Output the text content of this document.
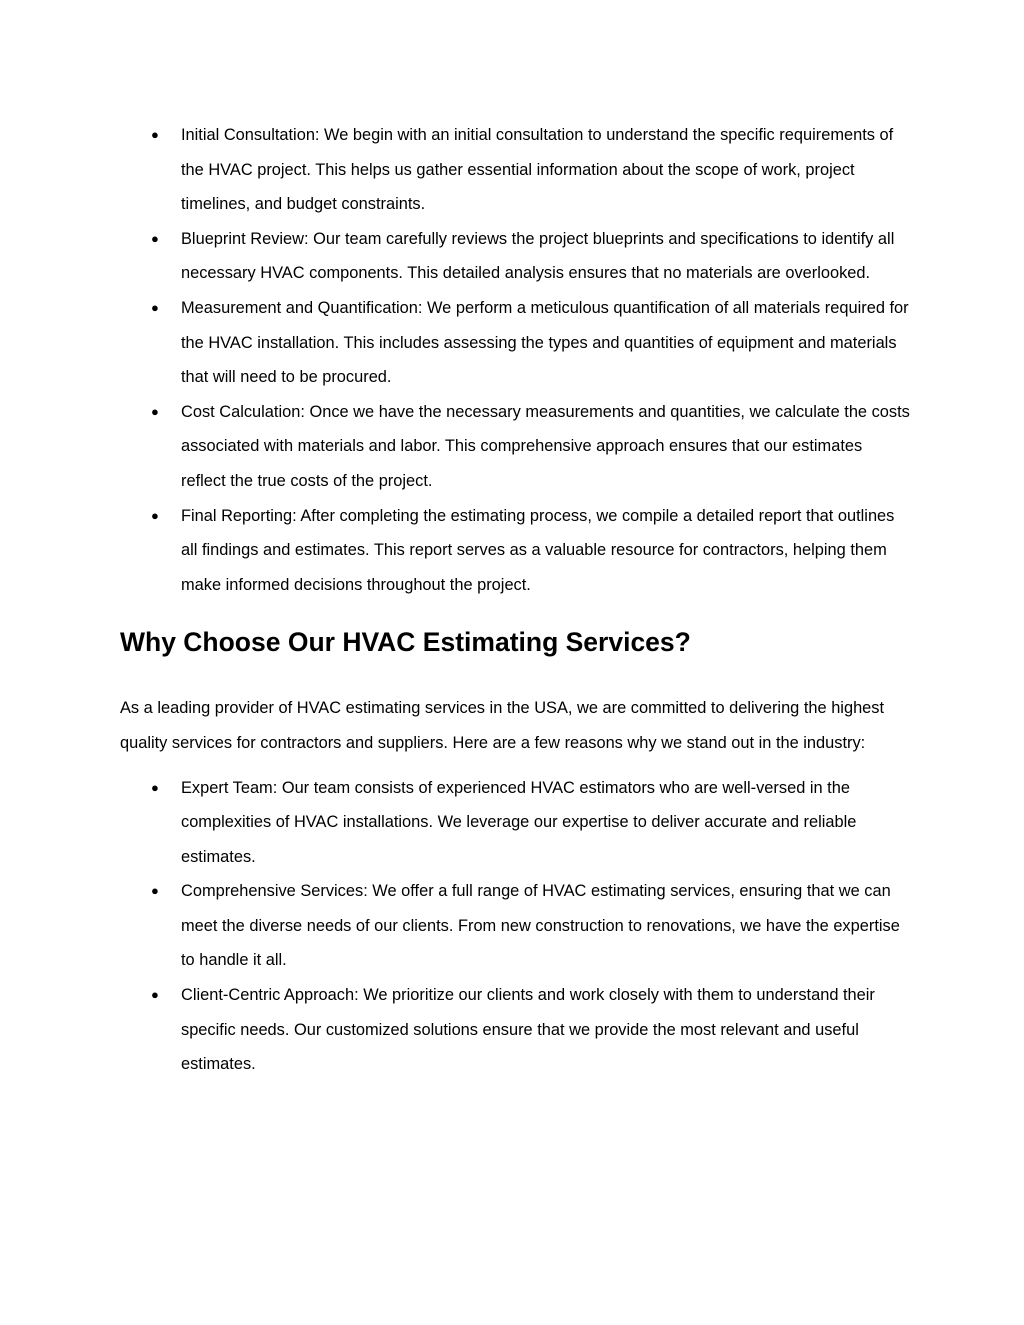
● Initial Consultation: We begin with an initial consultation to understand the specific requirements of the HVAC project. This helps us gather essential information about the scope of work, project timelines, and budget constraints.
● Blueprint Review: Our team carefully reviews the project blueprints and specifications to identify all necessary HVAC components. This detailed analysis ensures that no materials are overlooked.
● Measurement and Quantification: We perform a meticulous quantification of all materials required for the HVAC installation. This includes assessing the types and quantities of equipment and materials that will need to be procured.
● Cost Calculation: Once we have the necessary measurements and quantities, we calculate the costs associated with materials and labor. This comprehensive approach ensures that our estimates reflect the true costs of the project.
● Final Reporting: After completing the estimating process, we compile a detailed report that outlines all findings and estimates. This report serves as a valuable resource for contractors, helping them make informed decisions throughout the project.
Why Choose Our HVAC Estimating Services?

As a leading provider of HVAC estimating services in the USA, we are committed to delivering the highest quality services for contractors and suppliers. Here are a few reasons why we stand out in the industry:

● Expert Team: Our team consists of experienced HVAC estimators who are well-versed in the complexities of HVAC installations. We leverage our expertise to deliver accurate and reliable estimates.
● Comprehensive Services: We offer a full range of HVAC estimating services, ensuring that we can meet the diverse needs of our clients. From new construction to renovations, we have the expertise to handle it all.
● Client-Centric Approach: We prioritize our clients and work closely with them to understand their specific needs. Our customized solutions ensure that we provide the most relevant and useful estimates.
